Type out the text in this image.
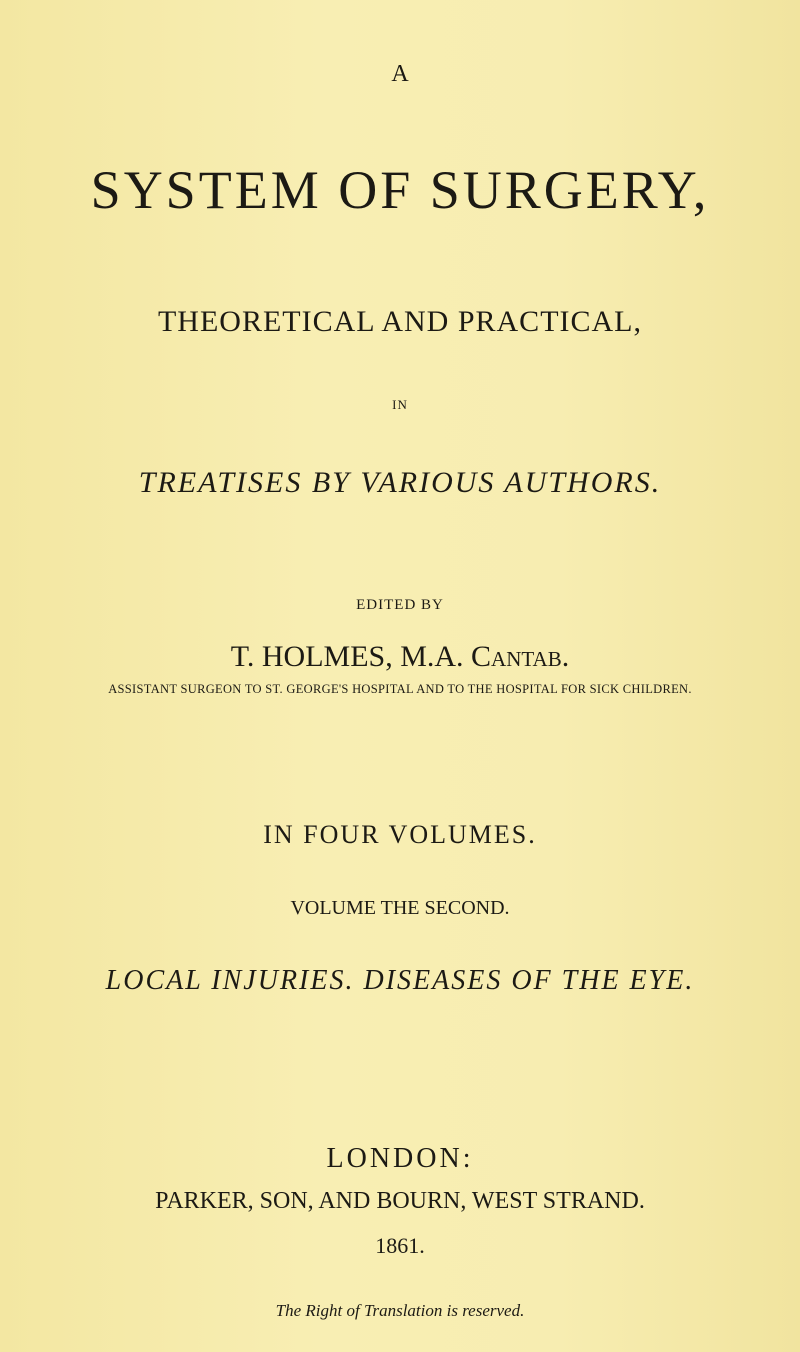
A
SYSTEM OF SURGERY,
THEORETICAL AND PRACTICAL,
IN
TREATISES BY VARIOUS AUTHORS.
EDITED BY
T. HOLMES, M.A. Cantab.
ASSISTANT SURGEON TO ST. GEORGE'S HOSPITAL AND TO THE HOSPITAL FOR SICK CHILDREN.
IN FOUR VOLUMES.
VOLUME THE SECOND.
LOCAL INJURIES. DISEASES OF THE EYE.
LONDON:
PARKER, SON, AND BOURN, WEST STRAND.
1861.
The Right of Translation is reserved.
